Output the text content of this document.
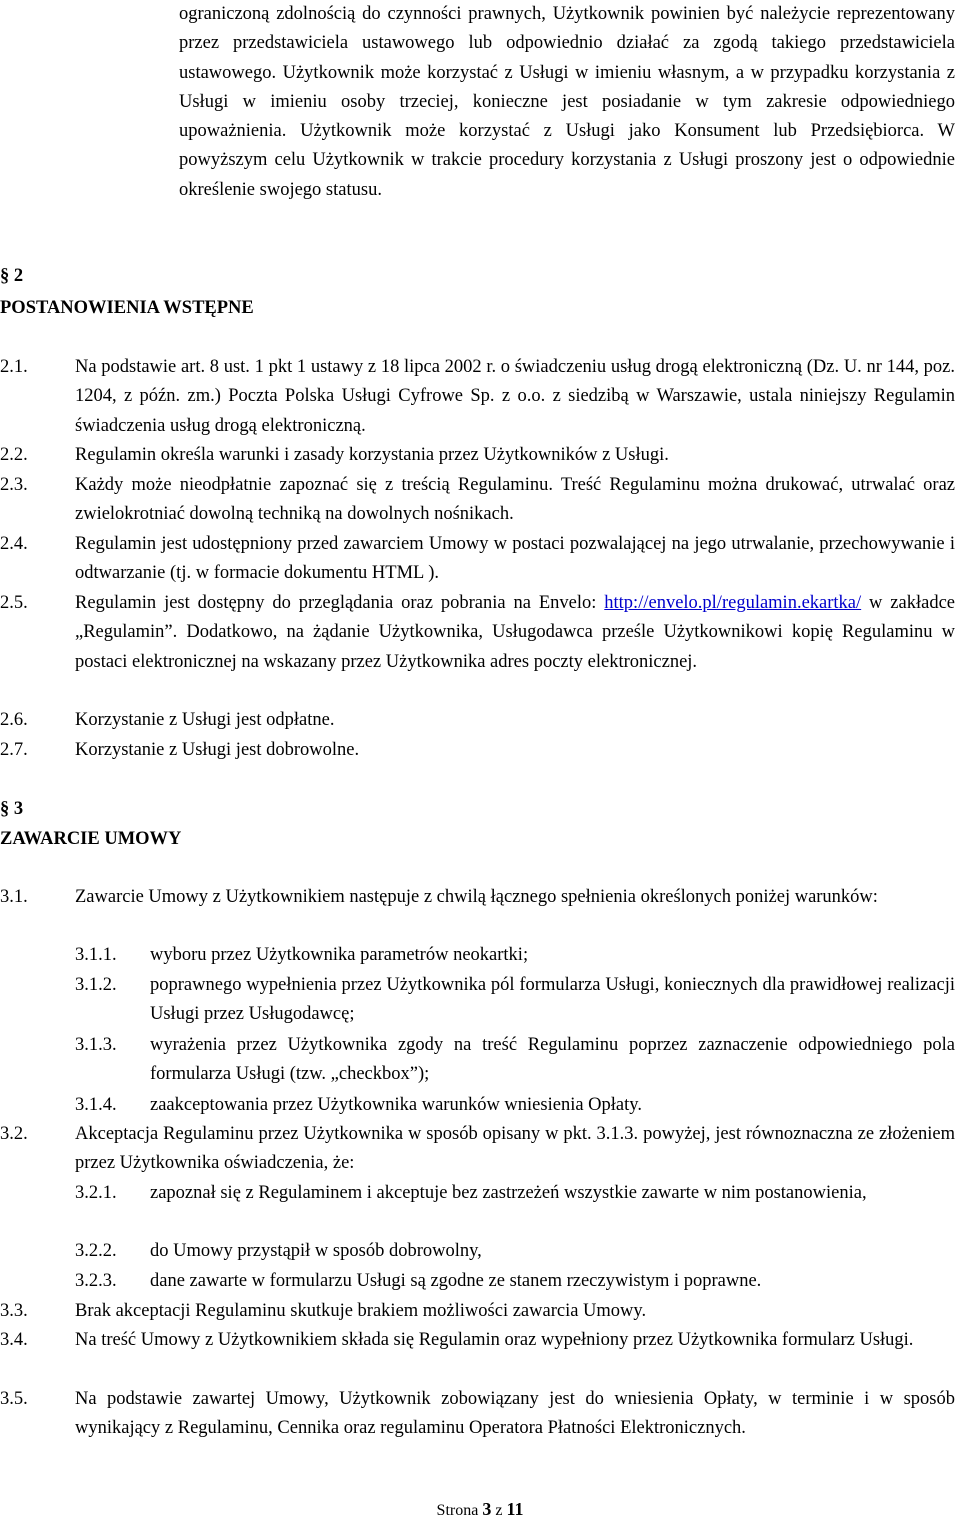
ograniczoną zdolnością do czynności prawnych, Użytkownik powinien być należycie reprezentowany przez przedstawiciela ustawowego lub odpowiednio działać za zgodą takiego przedstawiciela ustawowego. Użytkownik może korzystać z Usługi w imieniu własnym, a w przypadku korzystania z Usługi w imieniu osoby trzeciej, konieczne jest posiadanie w tym zakresie odpowiedniego upoważnienia. Użytkownik może korzystać z Usługi jako Konsument lub Przedsiębiorca. W powyższym celu Użytkownik w trakcie procedury korzystania z Usługi proszony jest o odpowiednie określenie swojego statusu.
§ 2
POSTANOWIENIA WSTĘPNE
2.1.	Na podstawie art. 8 ust. 1 pkt 1 ustawy z 18 lipca 2002 r. o świadczeniu usług drogą elektroniczną (Dz. U. nr 144, poz. 1204, z późn. zm.) Poczta Polska Usługi Cyfrowe Sp. z o.o. z siedzibą w Warszawie, ustala niniejszy Regulamin świadczenia usług drogą elektroniczną.
2.2.	Regulamin określa warunki i zasady korzystania przez Użytkowników z Usługi.
2.3.	Każdy może nieodpłatnie zapoznać się z treścią Regulaminu. Treść Regulaminu można drukować, utrwalać oraz zwielokrotniać dowolną techniką na dowolnych nośnikach.
2.4.	Regulamin jest udostępniony przed zawarciem Umowy w postaci pozwalającej na jego utrwalanie, przechowywanie i odtwarzanie (tj. w formacie dokumentu HTML ).
2.5.	Regulamin jest dostępny do przeglądania oraz pobrania na Envelo: http://envelo.pl/regulamin.ekartka/ w zakładce „Regulamin”. Dodatkowo, na żądanie Użytkownika, Usługodawca prześle Użytkownikowi kopię Regulaminu w postaci elektronicznej na wskazany przez Użytkownika adres poczty elektronicznej.
2.6.	Korzystanie z Usługi jest odpłatne.
2.7.	Korzystanie z Usługi jest dobrowolne.
§ 3
ZAWARCIE UMOWY
3.1.	Zawarcie Umowy z Użytkownikiem następuje z chwilą łącznego spełnienia określonych poniżej warunków:
3.1.1. wyboru przez Użytkownika parametrów neokartki;
3.1.2. poprawnego wypełnienia przez Użytkownika pól formularza Usługi, koniecznych dla prawidłowej realizacji Usługi przez Usługodawcę;
3.1.3. wyrażenia przez Użytkownika zgody na treść Regulaminu poprzez zaznaczenie odpowiedniego pola formularza Usługi (tzw. „checkbox”);
3.1.4. zaakceptowania przez Użytkownika warunków wniesienia Opłaty.
3.2.	Akceptacja Regulaminu przez Użytkownika w sposób opisany w pkt. 3.1.3. powyżej, jest równoznaczna ze złożeniem przez Użytkownika oświadczenia, że:
3.2.1. zapoznał się z Regulaminem i akceptuje bez zastrzeżeń wszystkie zawarte w nim postanowienia,
3.2.2. do Umowy przystąpił w sposób dobrowolny,
3.2.3. dane zawarte w formularzu Usługi są zgodne ze stanem rzeczywistym i poprawne.
3.3.	Brak akceptacji Regulaminu skutkuje brakiem możliwości zawarcia Umowy.
3.4.	Na treść Umowy z Użytkownikiem składa się Regulamin oraz wypełniony przez Użytkownika formularz Usługi.
3.5.	Na podstawie zawartej Umowy, Użytkownik zobowiązany jest do wniesienia Opłaty, w terminie i w sposób wynikający z Regulaminu, Cennika oraz regulaminu Operatora Płatności Elektronicznych.
Strona 3 z 11
